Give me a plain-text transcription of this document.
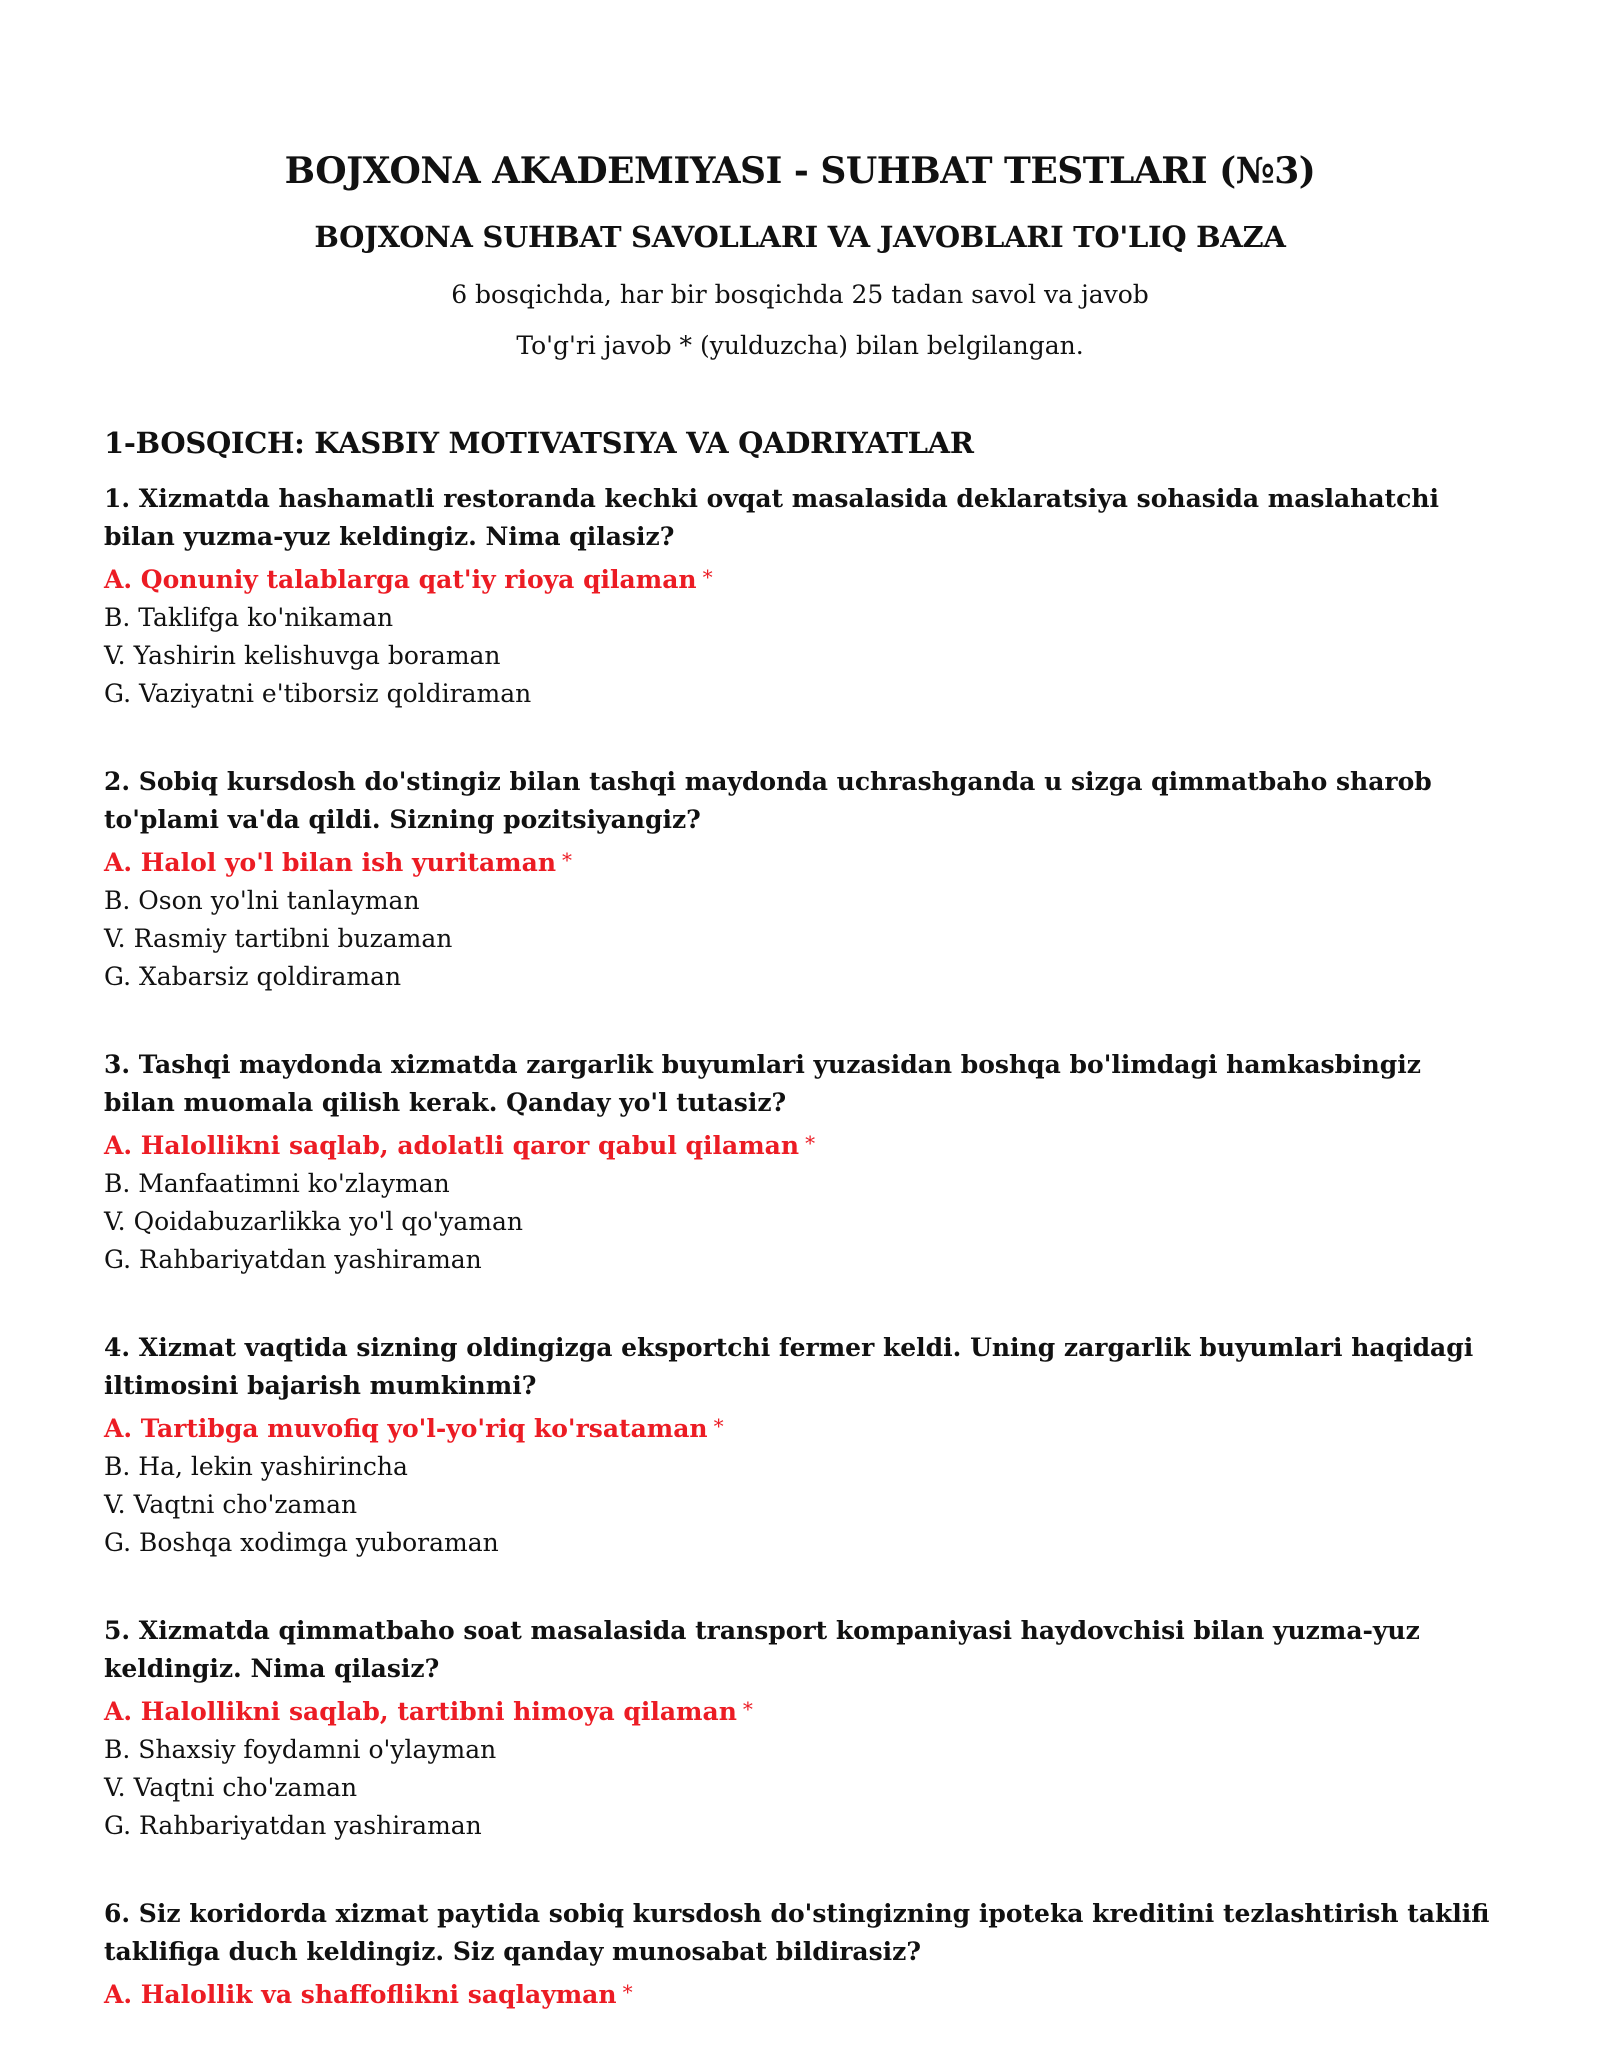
BOJXONA AKADEMIYASI - SUHBAT TESTLARI (№3)
BOJXONA SUHBAT SAVOLLARI VA JAVOBLARI TO'LIQ BAZA

6 bosqichda, har bir bosqichda 25 tadan savol va javob

To'g'ri javob * (yulduzcha) bilan belgilangan.

1-BOSQICH: KASBIY MOTIVATSIYA VA QADRIYATLAR

1. Xizmatda hashamatli restoranda kechki ovqat masalasida deklaratsiya sohasida maslahatchi bilan yuzma-yuz keldingiz. Nima qilasiz?

A. Qonuniy talablarga qat'iy rioya qilaman *

B. Taklifga ko'nikaman

V. Yashirin kelishuvga boraman

G. Vaziyatni e'tiborsiz qoldiraman

2. Sobiq kursdosh do'stingiz bilan tashqi maydonda uchrashganda u sizga qimmatbaho sharob to'plami va'da qildi. Sizning pozitsiyangiz?

A. Halol yo'l bilan ish yuritaman *

B. Oson yo'lni tanlayman

V. Rasmiy tartibni buzaman

G. Xabarsiz qoldiraman

3. Tashqi maydonda xizmatda zargarlik buyumlari yuzasidan boshqa bo'limdagi hamkasbingiz bilan muomala qilish kerak. Qanday yo'l tutasiz?

A. Halollikni saqlab, adolatli qaror qabul qilaman *

B. Manfaatimni ko'zlayman

V. Qoidabuzarlikka yo'l qo'yaman

G. Rahbariyatdan yashiraman

4. Xizmat vaqtida sizning oldingizga eksportchi fermer keldi. Uning zargarlik buyumlari haqidagi iltimosini bajarish mumkinmi?

A. Tartibga muvofiq yo'l-yo'riq ko'rsataman *

B. Ha, lekin yashirincha

V. Vaqtni cho'zaman

G. Boshqa xodimga yuboraman

5. Xizmatda qimmatbaho soat masalasida transport kompaniyasi haydovchisi bilan yuzma-yuz keldingiz. Nima qilasiz?

A. Halollikni saqlab, tartibni himoya qilaman *

B. Shaxsiy foydamni o'ylayman

V. Vaqtni cho'zaman

G. Rahbariyatdan yashiraman

6. Siz koridorda xizmat paytida sobiq kursdosh do'stingizning ipoteka kreditini tezlashtirish taklifi taklifiga duch keldingiz. Siz qanday munosabat bildirasiz?

A. Halollik va shaffoflikni saqlayman *
